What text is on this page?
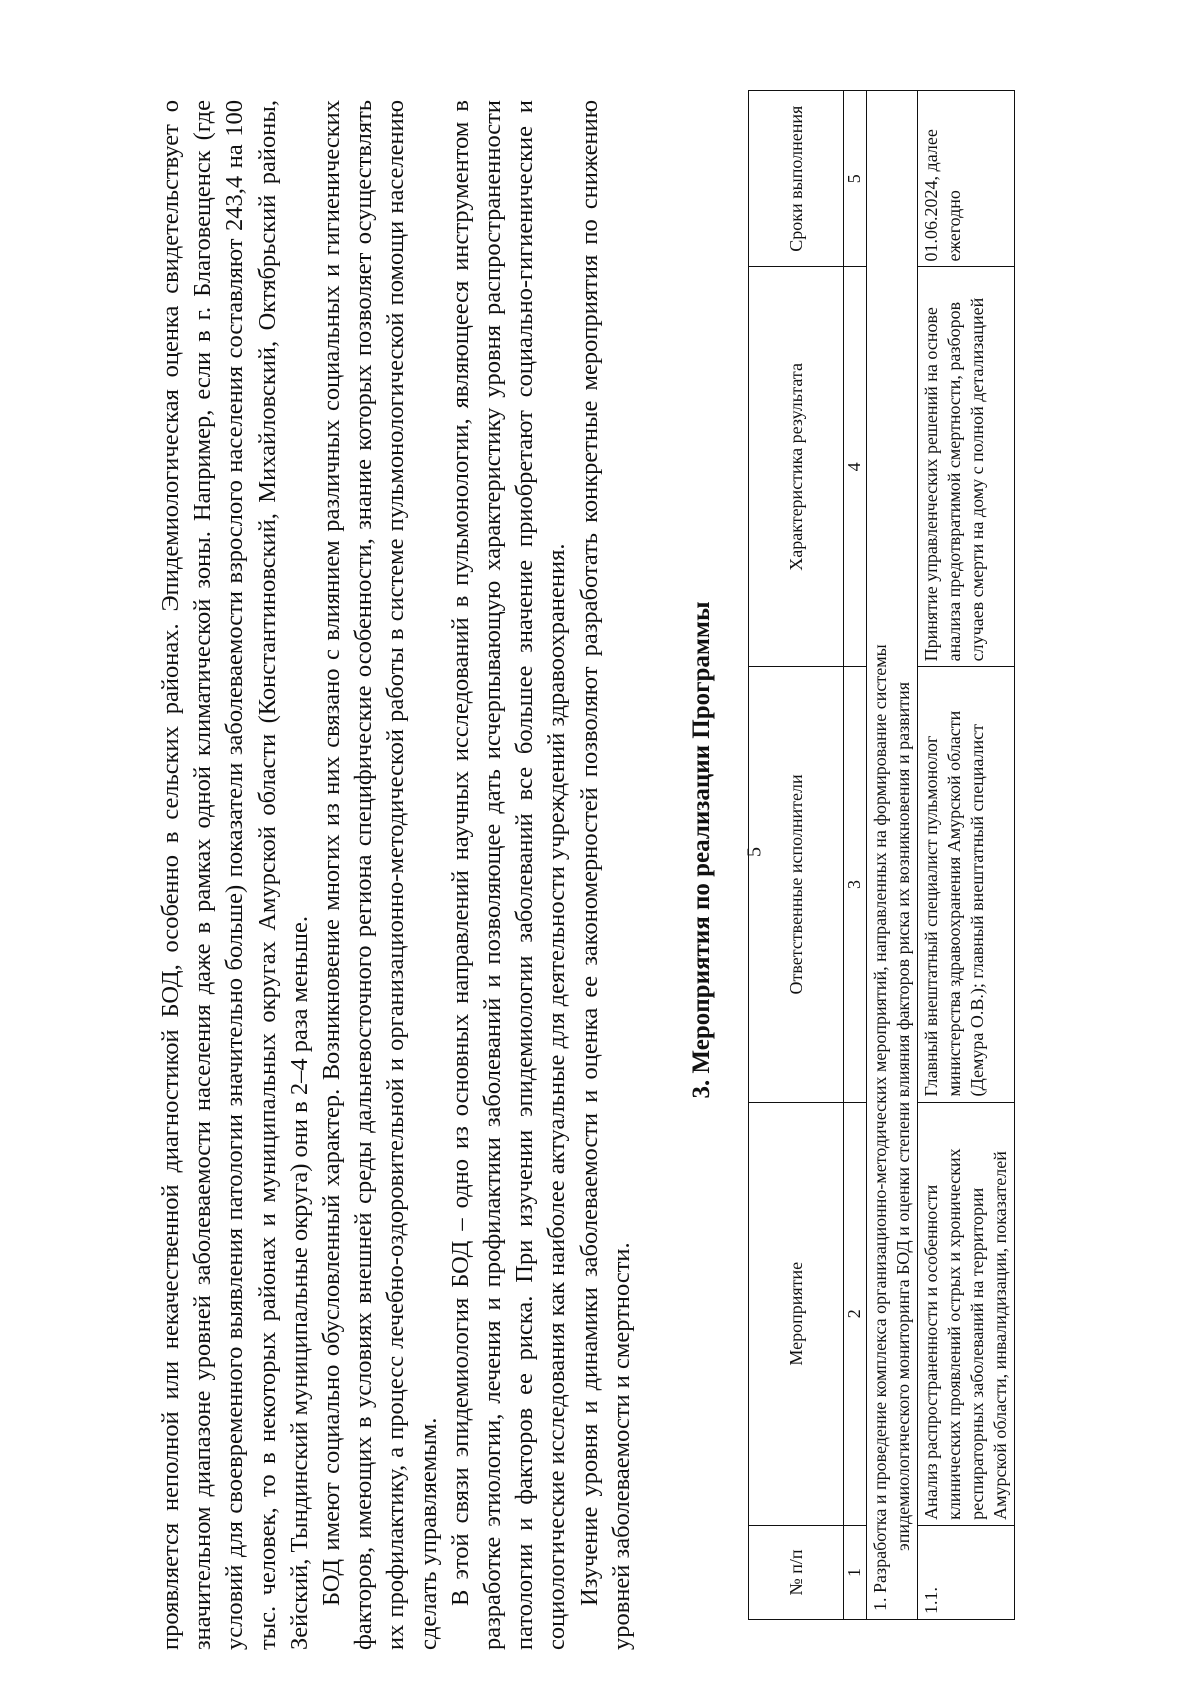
5

проявляется неполной или некачественной диагностикой БОД, особенно в сельских районах. Эпидемиологическая оценка свидетельствует о значительном диапазоне уровней заболеваемости населения даже в рамках одной климатической зоны. Например, если в г. Благовещенск (где условий для своевременного выявления патологии значительно больше) показатели заболеваемости взрослого населения составляют 243,4 на 100 тыс. человек, то в некоторых районах и муниципальных округах Амурской области (Константиновский, Михайловский, Октябрьский районы, Зейский, Тындинский муниципальные округа) они в 2–4 раза меньше. БОД имеют социально обусловленный характер. Возникновение многих из них связано с влиянием различных социальных и гигиенических факторов, имеющих в условиях внешней среды дальневосточного региона специфические особенности, знание которых позволяет осуществлять их профилактику, а процесс лечебно-оздоровительной и организационно-методической работы в системе пульмонологической помощи населению сделать управляемым. В этой связи эпидемиология БОД – одно из основных направлений научных исследований в пульмонологии, являющееся инструментом в разработке этиологии, лечения и профилактики заболеваний и позволяющее дать исчерпывающую характеристику уровня распространенности патологии и факторов ее риска. При изучении эпидемиологии заболеваний все большее значение приобретают социально-гигиенические и социологические исследования как наиболее актуальные для деятельности учреждений здравоохранения. Изучение уровня и динамики заболеваемости и оценка ее закономерностей позволяют разработать конкретные мероприятия по снижению уровней заболеваемости и смертности.

3. Мероприятия по реализации Программы
№ п/п	Мероприятие	Ответственные исполнители	Характеристика результата	Сроки выполнения
1	2	3	4	5
1. Разработка и проведение комплекса организационно-методических мероприятий, направленных на формирование системы эпидемиологического мониторинга БОД и оценки степени влияния факторов риска их возникновения и развития				

1.1.	Анализ распространенности и особенности клинических проявлений острых и хронических респираторных заболеваний на территории Амурской области, инвалидизации, показателей	Главный внештатный специалист пульмонолог министерства здравоохранения Амурской области (Демура О.В.); главный внештатный специалист	Принятие управленческих решений на основе анализа предотвратимой смертности, разборов случаев смерти на дому с полной детализацией	01.06.2024, далее ежегодно
